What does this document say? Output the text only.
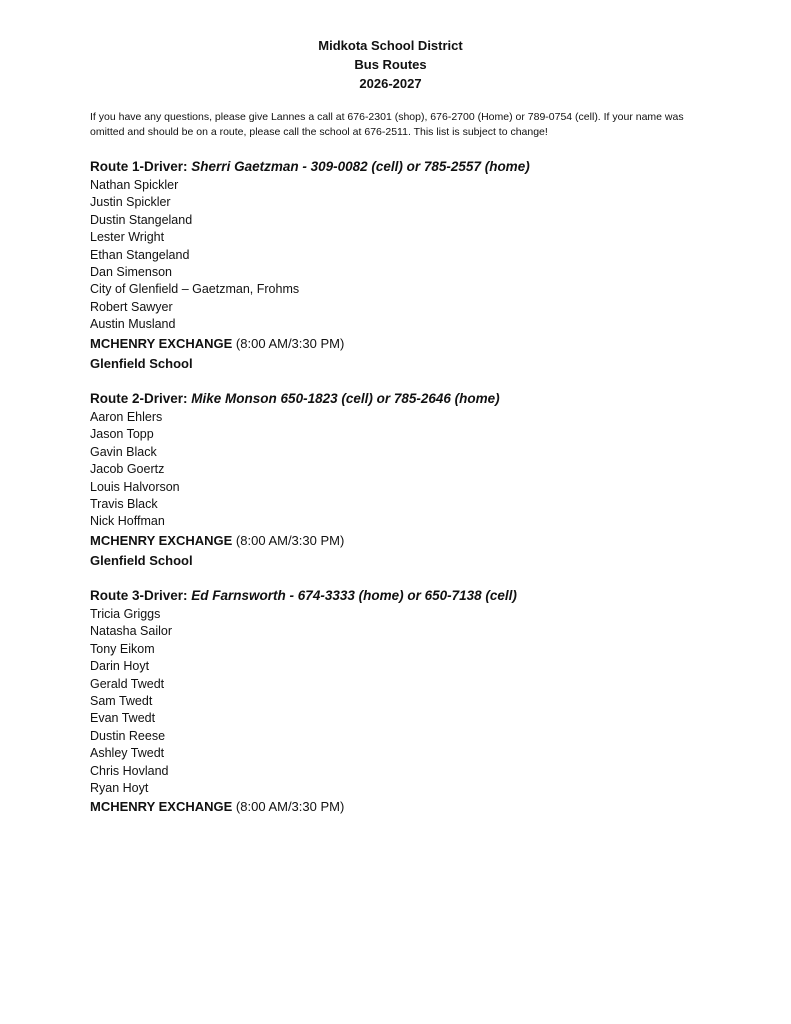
Midkota School District
Bus Routes
2026-2027
If you have any questions, please give Lannes a call at 676-2301 (shop), 676-2700 (Home) or 789-0754 (cell). If your name was omitted and should be on a route, please call the school at 676-2511. This list is subject to change!
Route 1-Driver: Sherri Gaetzman - 309-0082 (cell) or 785-2557 (home)
Nathan Spickler
Justin Spickler
Dustin Stangeland
Lester Wright
Ethan Stangeland
Dan Simenson
City of Glenfield – Gaetzman, Frohms
Robert Sawyer
Austin Musland
MCHENRY EXCHANGE (8:00 AM/3:30 PM)
Glenfield School
Route 2-Driver: Mike Monson 650-1823 (cell) or 785-2646 (home)
Aaron Ehlers
Jason Topp
Gavin Black
Jacob Goertz
Louis Halvorson
Travis Black
Nick Hoffman
MCHENRY EXCHANGE (8:00 AM/3:30 PM)
Glenfield School
Route 3-Driver: Ed Farnsworth - 674-3333 (home) or 650-7138 (cell)
Tricia Griggs
Natasha Sailor
Tony Eikom
Darin Hoyt
Gerald Twedt
Sam Twedt
Evan Twedt
Dustin Reese
Ashley Twedt
Chris Hovland
Ryan Hoyt
MCHENRY EXCHANGE (8:00 AM/3:30 PM)
